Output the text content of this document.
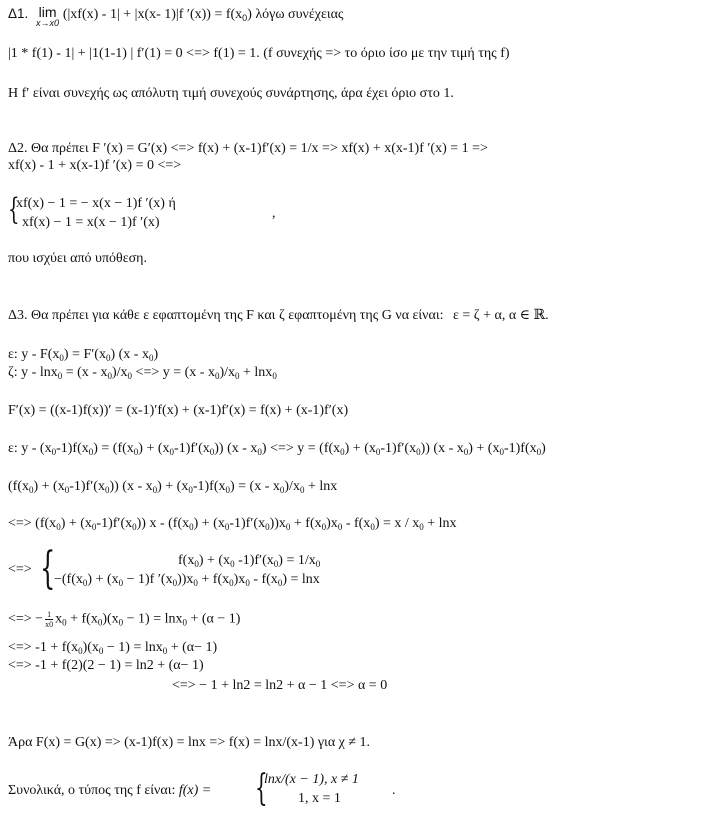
Δ1. lim
x→x0
(|xf(x) - 1| + |x(x- 1)|f $'(x)) = f(x_0)$ λόγω συνέχειας
|1 * f(1) - 1| + |1(1-1) | f′(1) = 0 <=> f(1) = 1. (f συνεχής => το όριο ίσο με την τιμή της f)
Η f′ είναι συνεχής ως απόλυτη τιμή συνεχούς συνάρτησης, άρα έχει όριο στο 1.
Δ2. Θα πρέπει F ′(x) = G′(x) <=> f(x) + (x-1)f′(x) = 1/x => xf(x) + x(x-1)f ′(x) = 1 =>
xf(x) - 1 + x(x-1)f ′(x) = 0 <=>
{
xf(x) − 1 = − x(x − 1)f ′(x) ή
xf(x) − 1 = x(x − 1)f ′(x)
,
που ισχύει από υπόθεση.
Δ3. Θα πρέπει για κάθε ε εφαπτομένη της F και ζ εφαπτομένη της G να είναι: ε = ζ + α, α ∈ ℝ.
ε: $y - F(x_0) = F'(x_0)$ $(x - x_0)$
ζ: $y - \ln x_0 = (x - x_0)/x_0$ <=> $y = (x - x_0)/x_0 + \ln x_0$
F′(x) = ((x-1)f(x))′ = (x-1)′f(x) + (x-1)f′(x) = f(x) + (x-1)f′(x)
ε: $y - (x_0-1)f(x_0) = (f(x_0) + (x_0-1)f'(x_0))$ $(x - x_0)$ <=> $y = (f(x_0) + (x_0-1)f'(x_0))$ $(x - x_0) + (x_0-1)f(x_0)$
$(f(x_0) + (x_0-1)f'(x_0))$ $(x - x_0) + (x_0-1)f(x_0) = (x - x_0)/x_0 + \ln x$
<=> $(f(x_0) + (x_0-1)f'(x_0))$ $x - (f(x_0) + (x_0-1)f'(x_0))x_0 + f(x_0)x_0 - f(x_0) = x / x_0 + \ln x$
<=> {	$f(x_0) + (x_0$ $-1)f'(x_0) = 1/x_0$
$-(f(x_0) + (x_0 - 1)f$ $'(x_0))x_0 + f(x_0)x_0 - f(x_0) = \ln x$
<=> − $\frac{1}{x0} x_0 + f(x_0)(x_0 - 1) = \ln x_0 + (\alpha - 1)$
<=> $-1 + f(x_0)(x_0 - 1) = \ln x_0 + (\alpha- 1)$
<=> -1 + f(2)(2 − 1) = ln2 + (α− 1)
<=> − 1 + ln2 = ln2 + α − 1 <=> α = 0
Άρα F(x) = G(x) => (x-1)f(x) = lnx => f(x) = lnx/(x-1) για χ ≠ 1.
Συνολικά, ο τύπος της f είναι: f(x) = {
lnx/(x − 1), x ≠ 1
1, x = 1
.
